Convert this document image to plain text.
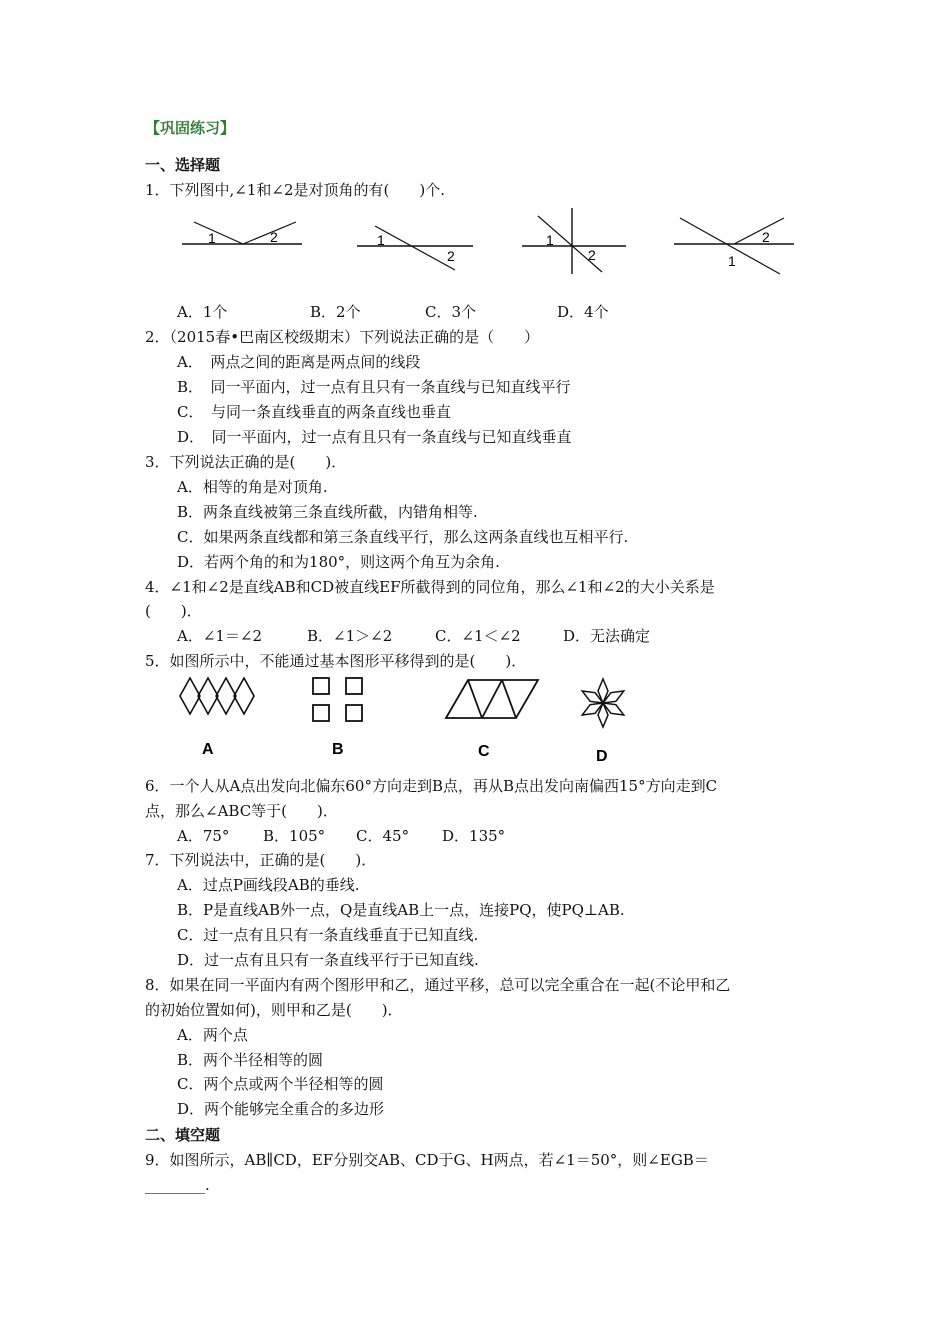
【巩固练习】
一、选择题
1．下列图中,∠1和∠2是对顶角的有(　　)个.
1	2	1
2
1
2
2
1
A．1个	B．2个	C．3个	D．4个
2．（2015春•巴南区校级期末）下列说法正确的是（　　）
A．　两点之间的距离是两点间的线段
B．　同一平面内，过一点有且只有一条直线与已知直线平行
C．　与同一条直线垂直的两条直线也垂直
D．　同一平面内，过一点有且只有一条直线与已知直线垂直
3．下列说法正确的是(　　)．
A．相等的角是对顶角.
B．两条直线被第三条直线所截，内错角相等.
C．如果两条直线都和第三条直线平行，那么这两条直线也互相平行.
D．若两个角的和为180°，则这两个角互为余角.
4．∠1和∠2是直线AB和CD被直线EF所截得到的同位角，那么∠1和∠2的大小关系是
(　　)．
A．∠1＝∠2	B．∠1＞∠2	C．∠1＜∠2	D．无法确定
5．如图所示中，不能通过基本图形平移得到的是(　　)．
A	B	C	D
6．一个人从A点出发向北偏东60°方向走到B点，再从B点出发向南偏西15°方向走到C
点，那么∠ABC等于(　　)．
A．75° B．105° C．45° D．135°
7．下列说法中，正确的是(　　)．
A．过点P画线段AB的垂线.
B．P是直线AB外一点，Q是直线AB上一点，连接PQ，使PQ⊥AB.
C．过一点有且只有一条直线垂直于已知直线.
D．过一点有且只有一条直线平行于已知直线.
8．如果在同一平面内有两个图形甲和乙，通过平移，总可以完全重合在一起(不论甲和乙
的初始位置如何)，则甲和乙是(　　)．
A．两个点
B．两个半径相等的圆
C．两个点或两个半径相等的圆
D．两个能够完全重合的多边形
二、填空题
9．如图所示，AB∥CD，EF分别交AB、CD于G、H两点，若∠1＝50°，则∠EGB＝
________.
